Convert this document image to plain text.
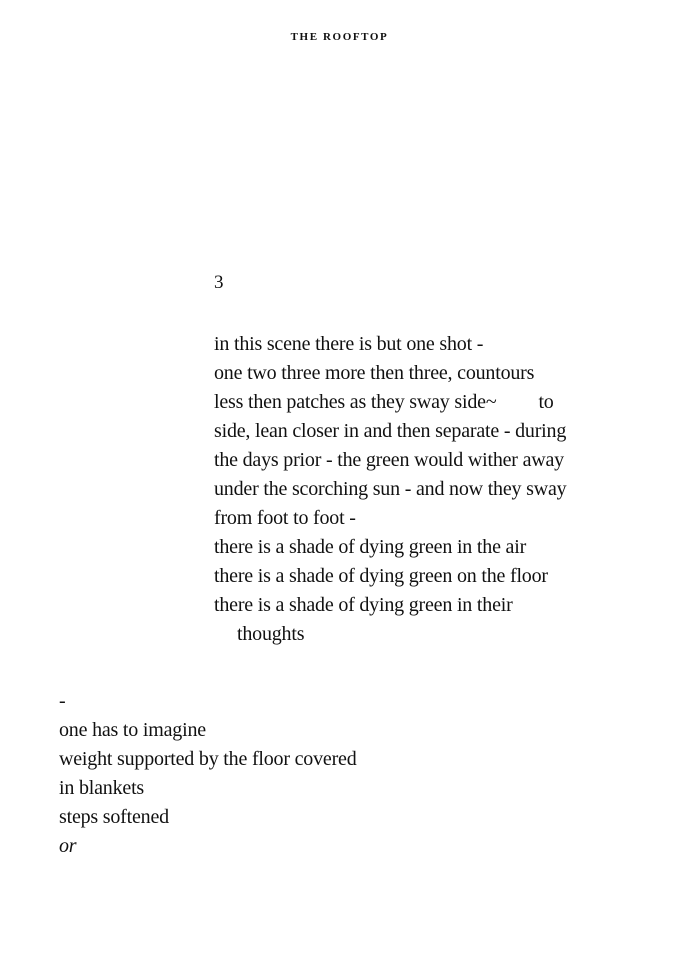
THE ROOFTOP
3
in this scene there is but one shot -
one two three more then three, countours
less then patches as they sway side~ to
side, lean closer in and then separate - during
the days prior - the green would wither away
under the scorching sun - and now they sway
from foot to foot -
there is a shade of dying green in the air
there is a shade of dying green on the floor
there is a shade of dying green in their
thoughts
-
one has to imagine
weight supported by the floor covered
in blankets
steps softened
or
